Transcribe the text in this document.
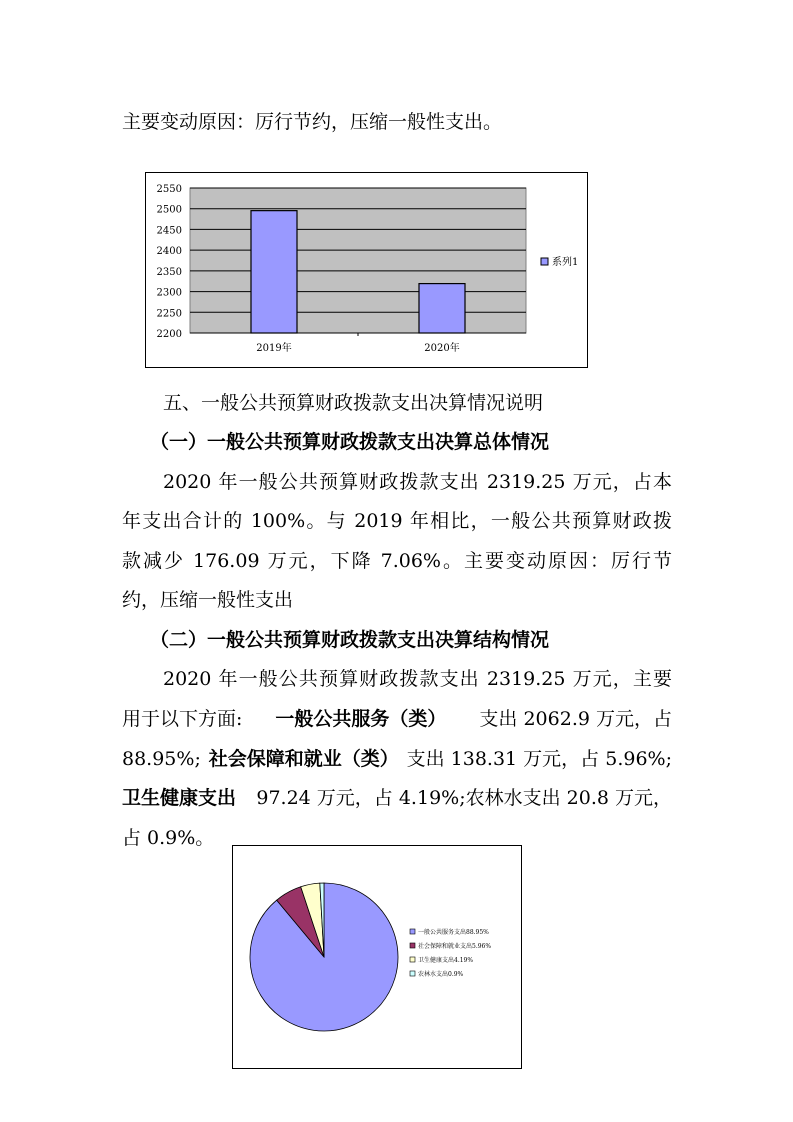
主要变动原因：厉行节约，压缩一般性支出。
2200
2250
2300
2350
2400
2450
2500
2550
2019年	2020年
系列1
五、一般公共预算财政拨款支出决算情况说明
（一）一般公共预算财政拨款支出决算总体情况
2020 年一般公共预算财政拨款支出 2319.25 万元，占本
年支出合计的 100%。与 2019 年相比，一般公共预算财政拨
款减少 176.09 万元，下降 7.06%。主要变动原因：厉行节
约，压缩一般性支出
（二）一般公共预算财政拨款支出决算结构情况
2020 年一般公共预算财政拨款支出 2319.25 万元，主要
用于以下方面: 一般公共服务（类） 支出 2062.9 万元，占
88.95%; 社会保障和就业（类） 支出 138.31 万元，占 5.96%;
卫生健康支出 97.24 万元，占 4.19%;农林水支出 20.8 万元，
占 0.9%。
一般公共服务支出88.95%
社会保障和就业支出5.96%
卫生健康支出4.19%
农林水支出0.9%
